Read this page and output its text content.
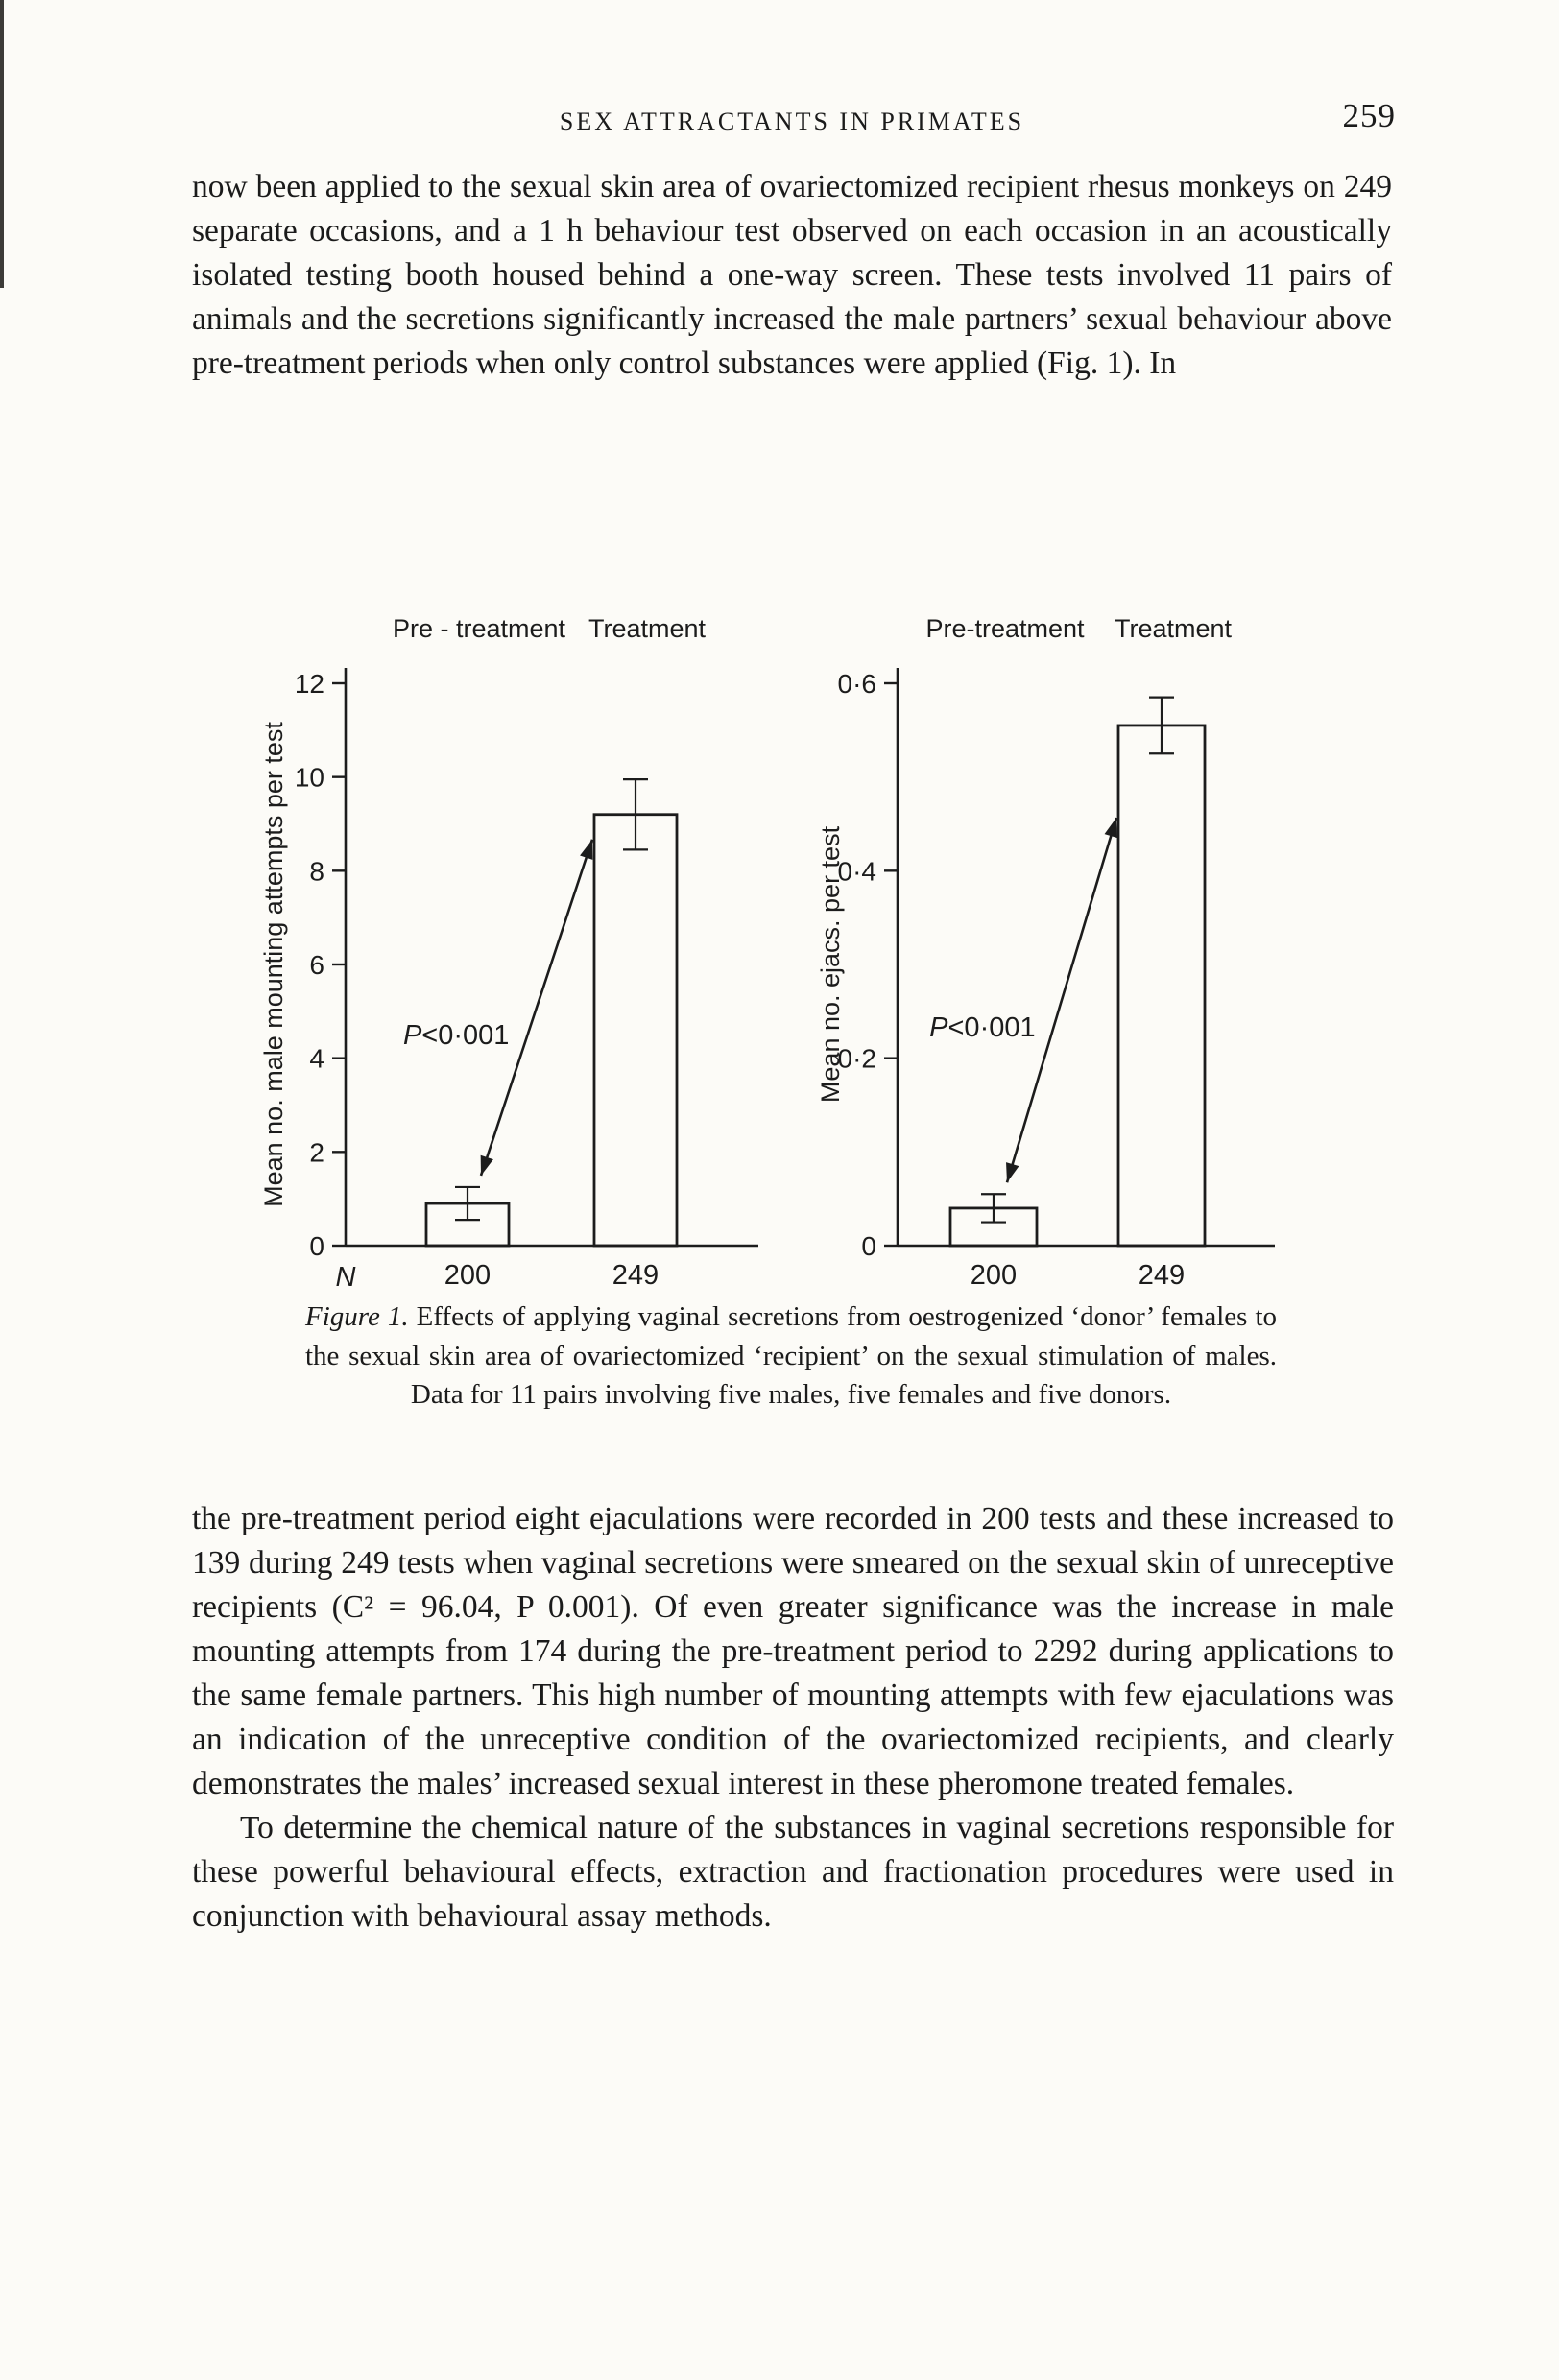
SEX ATTRACTANTS IN PRIMATES	259

now been applied to the sexual skin area of ovariectomized recipient rhesus monkeys on 249 separate occasions, and a 1 h behaviour test observed on each occasion in an acoustically isolated testing booth housed behind a one-way screen. These tests involved 11 pairs of animals and the secretions significantly increased the male partners’ sexual behaviour above pre-treatment periods when only control substances were applied (Fig. 1). In

0
2
4
6
8
10
12
200
Pre - treatment
249
Treatment
N
Mean no. male mounting attempts per test	P<0·001
0
0·2
0·4
0·6
200
Pre-treatment
249
Treatment
Mean no. ejacs. per test	P<0·001

Figure 1. Effects of applying vaginal secretions from oestrogenized ‘donor’ females to the sexual skin area of ovariectomized ‘recipient’ on the sexual stimulation of males. Data for 11 pairs involving five males, five females and five donors.

the pre-treatment period eight ejaculations were recorded in 200 tests and these increased to 139 during 249 tests when vaginal secretions were smeared on the sexual skin of unreceptive recipients (C² = 96.04, P 0.001). Of even greater significance was the increase in male mounting attempts from 174 during the pre-treatment period to 2292 during applications to the same female partners. This high number of mounting attempts with few ejaculations was an indication of the unreceptive condition of the ovariectomized recipients, and clearly demonstrates the males’ increased sexual interest in these pheromone treated females.

To determine the chemical nature of the substances in vaginal secretions responsible for these powerful behavioural effects, extraction and fractionation procedures were used in conjunction with behavioural assay methods.
